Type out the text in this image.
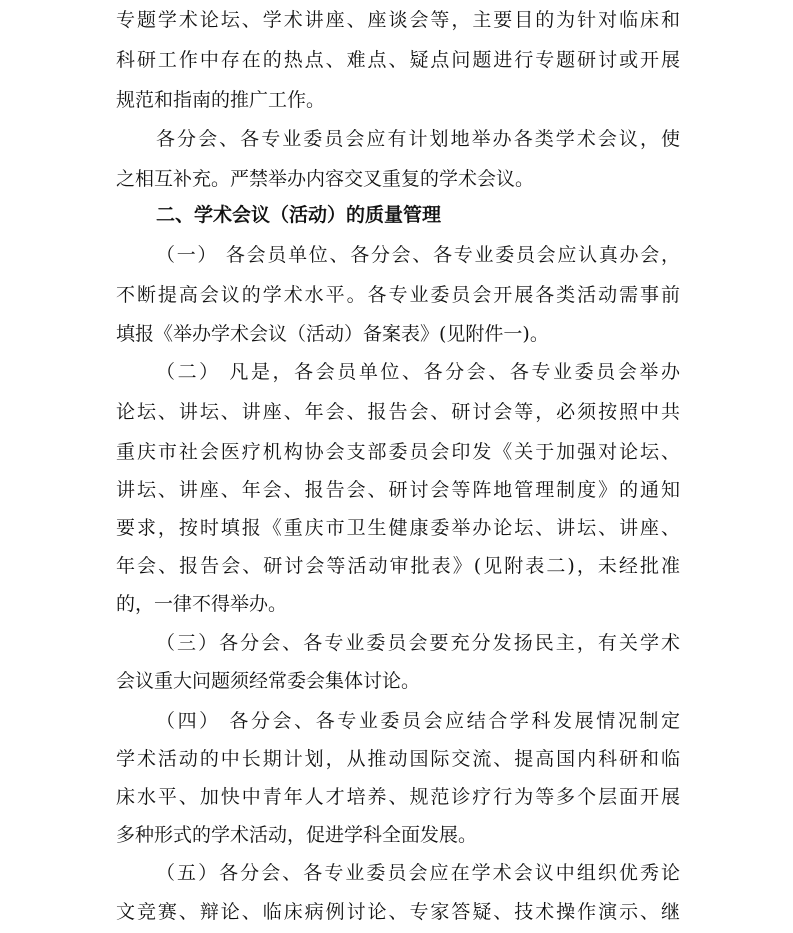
专题学术论坛、学术讲座、座谈会等，主要目的为针对临床和
科研工作中存在的热点、难点、疑点问题进行专题研讨或开展
规范和指南的推广工作。
各分会、各专业委员会应有计划地举办各类学术会议，使
之相互补充。严禁举办内容交叉重复的学术会议。
二、学术会议（活动）的质量管理
（一） 各会员单位、各分会、各专业委员会应认真办会，
不断提高会议的学术水平。各专业委员会开展各类活动需事前
填报《举办学术会议（活动）备案表》(见附件一)。
（二） 凡是，各会员单位、各分会、各专业委员会举办
论坛、讲坛、讲座、年会、报告会、研讨会等，必须按照中共
重庆市社会医疗机构协会支部委员会印发《关于加强对论坛、
讲坛、讲座、年会、报告会、研讨会等阵地管理制度》的通知
要求，按时填报《重庆市卫生健康委举办论坛、讲坛、讲座、
年会、报告会、研讨会等活动审批表》(见附表二)，未经批准
的，一律不得举办。
（三）各分会、各专业委员会要充分发扬民主，有关学术
会议重大问题须经常委会集体讨论。
（四） 各分会、各专业委员会应结合学科发展情况制定
学术活动的中长期计划，从推动国际交流、提高国内科研和临
床水平、加快中青年人才培养、规范诊疗行为等多个层面开展
多种形式的学术活动，促进学科全面发展。
（五）各分会、各专业委员会应在学术会议中组织优秀论
文竞赛、辩论、临床病例讨论、专家答疑、技术操作演示、继
